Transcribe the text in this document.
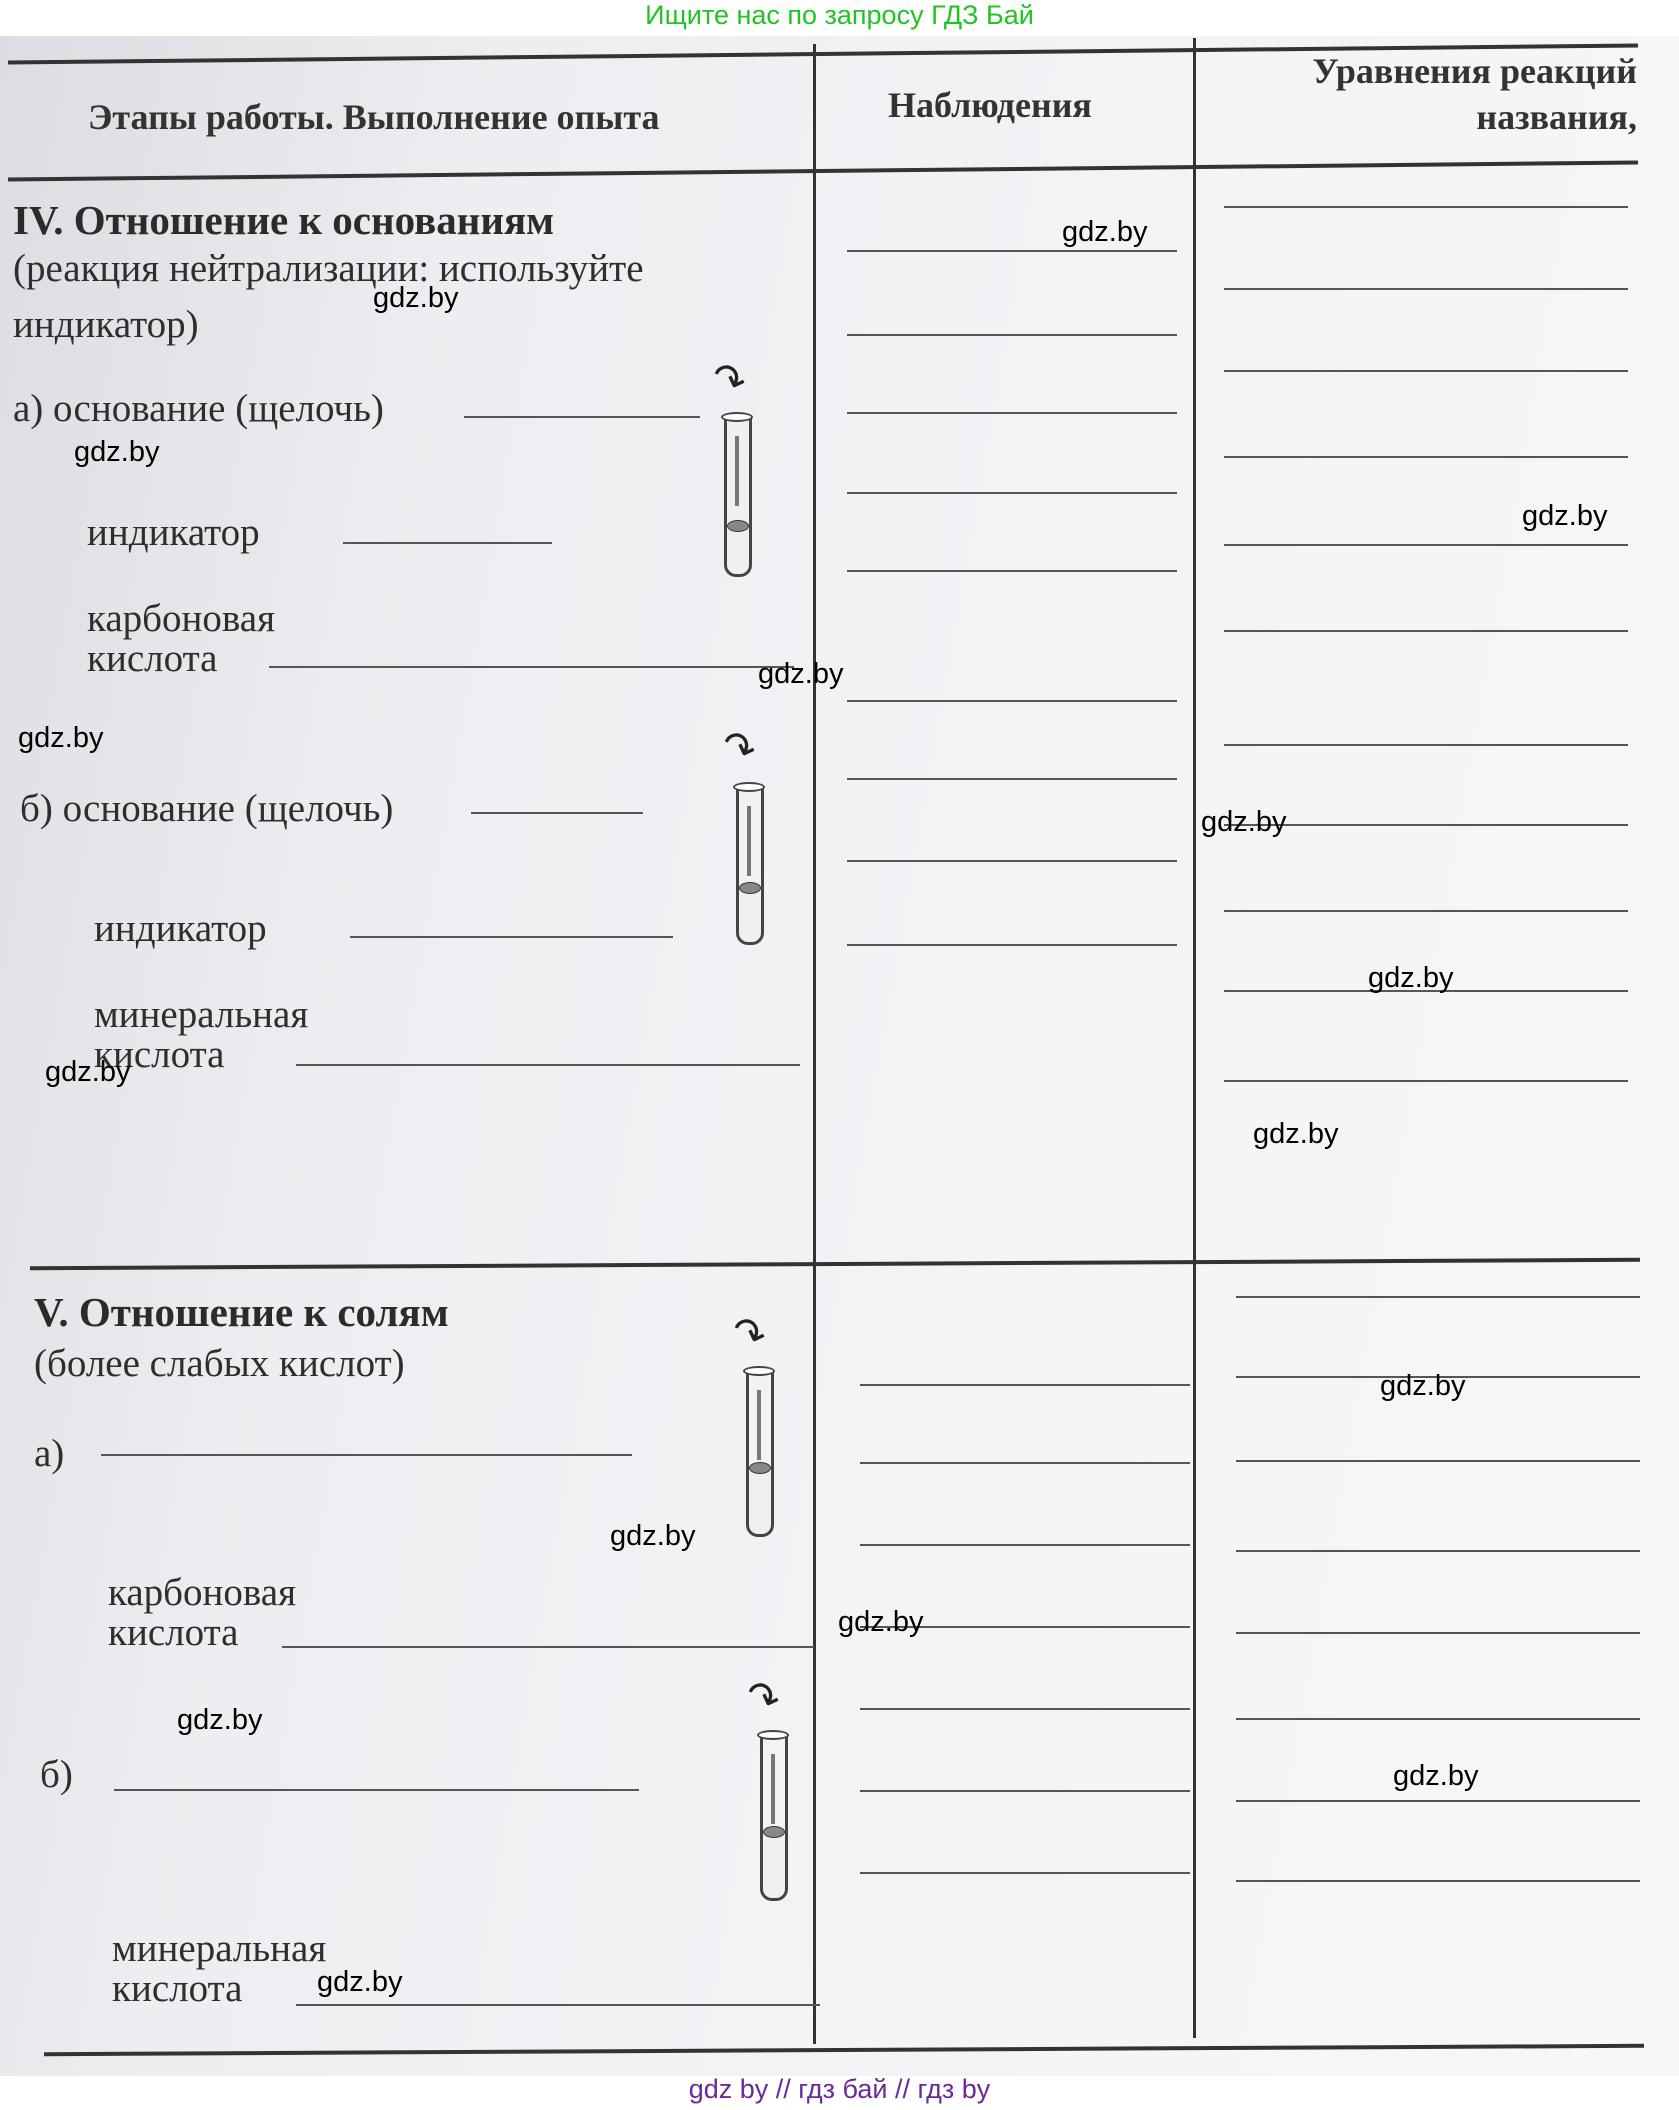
Ищите нас по запросу ГДЗ Бай
Этапы работы. Выполнение опыта	Наблюдения
Уравнения реакций
названия,
IV. Отношение к основаниям
(реакция нейтрализации: используйте
индикатор)
а) основание (щелочь)
индикатор
карбоновая
кислота
б) основание (щелочь)
индикатор
минеральная
кислота
V. Отношение к солям
(более слабых кислот)
а)
карбоновая
кислота
б)
минеральная
кислота
↷
↷
↷
↷
gdz.by
gdz.by
gdz.by
gdz.by
gdz.by
gdz.by
gdz.by
gdz.by
gdz.by
gdz.by
gdz.by
gdz.by
gdz.by
gdz.by
gdz.by
gdz.by
gdz by // гдз бай // гдз by
